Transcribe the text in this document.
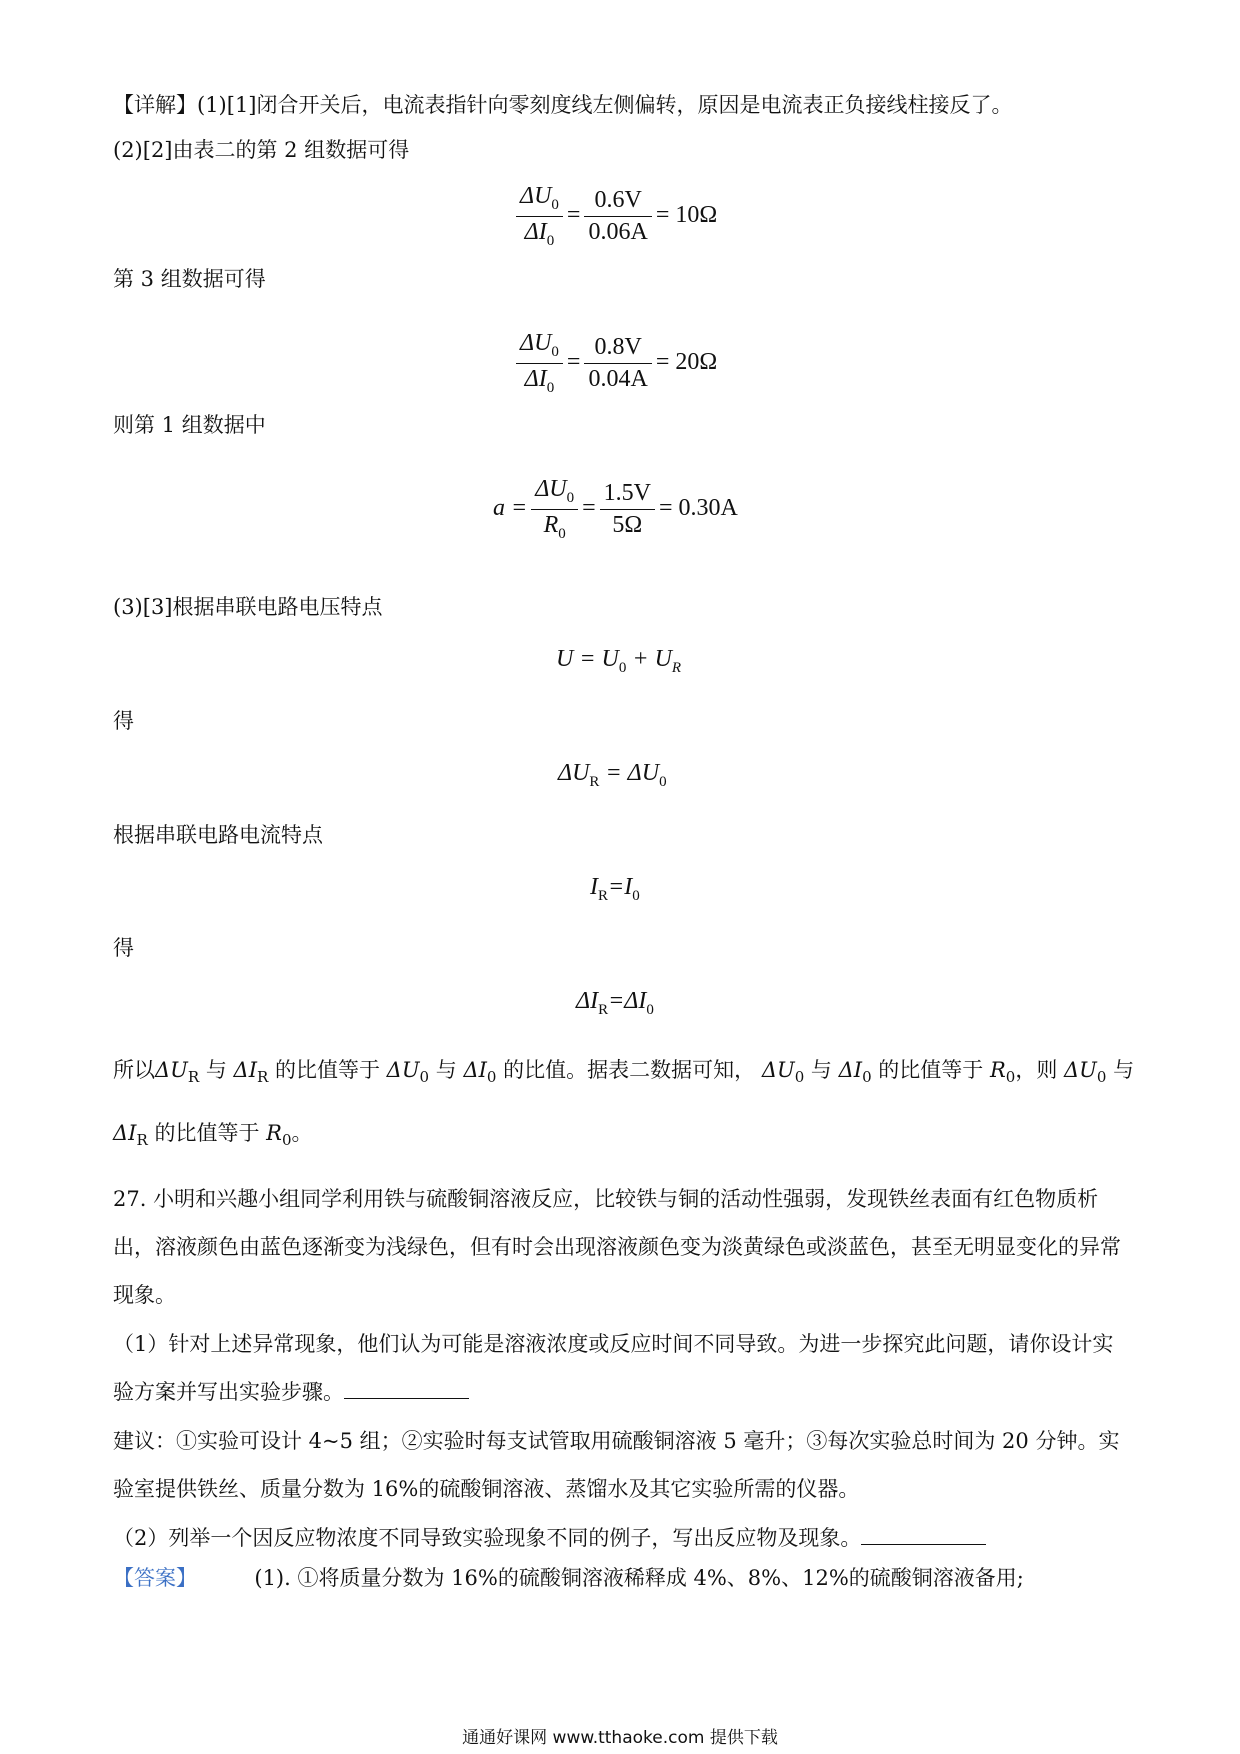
【详解】(1)[1]闭合开关后，电流表指针向零刻度线左侧偏转，原因是电流表正负接线柱接反了。
(2)[2]由表二的第 2 组数据可得
$\frac{\Delta U_0}{\Delta I_0} = \frac{0.6V}{0.06A} = 10\Omega$
第 3 组数据可得
$\frac{\Delta U_0}{\Delta I_0} = \frac{0.8V}{0.04A} = 20\Omega$
则第 1 组数据中
$a = \frac{\Delta U_0}{R_0} = \frac{1.5V}{5\Omega} = 0.30A$
(3)[3]根据串联电路电压特点
$U = U_0 + U_R$
得
$\Delta U_R = \Delta U_0$
根据串联电路电流特点
$I_R=I_0$
得
$\Delta I_R=\Delta I_0$
所以$\Delta U_R$ 与 $\Delta I_R$ 的比值等于 $\Delta U_0$ 与 $\Delta I_0$ 的比值。据表二数据可知， $\Delta U_0$ 与 $\Delta I_0$ 的比值等于 $R_0$，则 $\Delta U_0$ 与
$\Delta I_R$ 的比值等于 $R_0$。
27. 小明和兴趣小组同学利用铁与硫酸铜溶液反应，比较铁与铜的活动性强弱，发现铁丝表面有红色物质析出，溶液颜色由蓝色逐渐变为浅绿色，但有时会出现溶液颜色变为淡黄绿色或淡蓝色，甚至无明显变化的异常现象。
（1）针对上述异常现象，他们认为可能是溶液浓度或反应时间不同导致。为进一步探究此问题，请你设计实验方案并写出实验步骤。
建议：①实验可设计 4~5 组；②实验时每支试管取用硫酸铜溶液 5 毫升；③每次实验总时间为 20 分钟。实验室提供铁丝、质量分数为 16%的硫酸铜溶液、蒸馏水及其它实验所需的仪器。
（2）列举一个因反应物浓度不同导致实验现象不同的例子，写出反应物及现象。
【答案】	(1). ①将质量分数为 16%的硫酸铜溶液稀释成 4%、8%、12%的硫酸铜溶液备用;
通通好课网 www.tthaoke.com 提供下载
